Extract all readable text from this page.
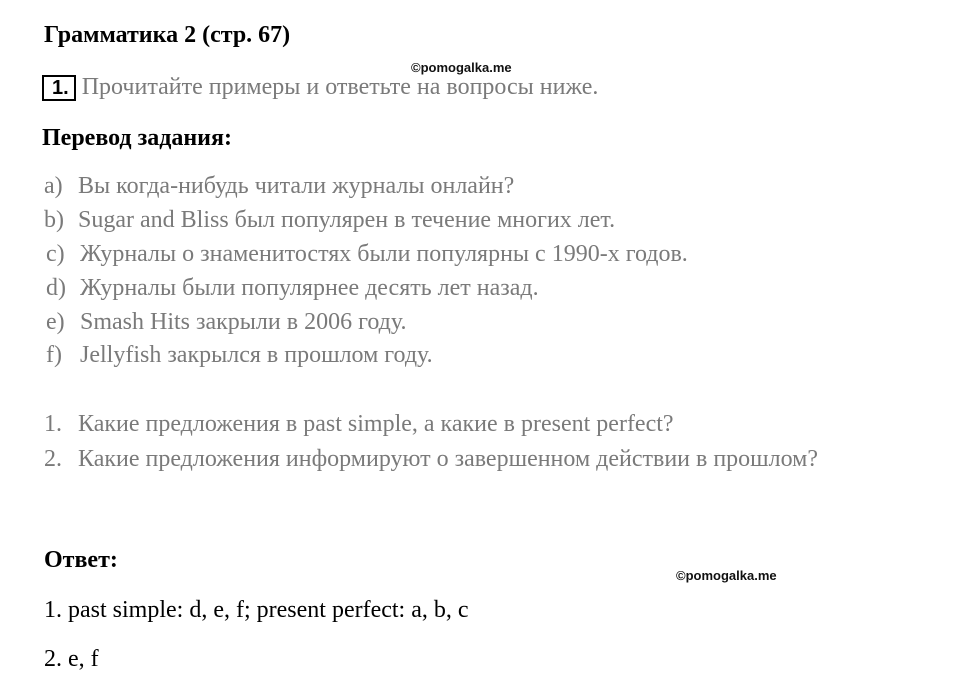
Грамматика 2 (стр. 67)
©pomogalka.me
1. Прочитайте примеры и ответьте на вопросы ниже.
Перевод задания:
a) Вы когда-нибудь читали журналы онлайн?
b) Sugar and Bliss был популярен в течение многих лет.
c) Журналы о знаменитостях были популярны с 1990-х годов.
d) Журналы были популярнее десять лет назад.
e) Smash Hits закрыли в 2006 году.
f) Jellyfish закрылся в прошлом году.
1. Какие предложения в past simple, а какие в present perfect?
2. Какие предложения информируют о завершенном действии в прошлом?
Ответ:
©pomogalka.me
1. past simple: d, e, f; present perfect: a, b, c
2. e, f
